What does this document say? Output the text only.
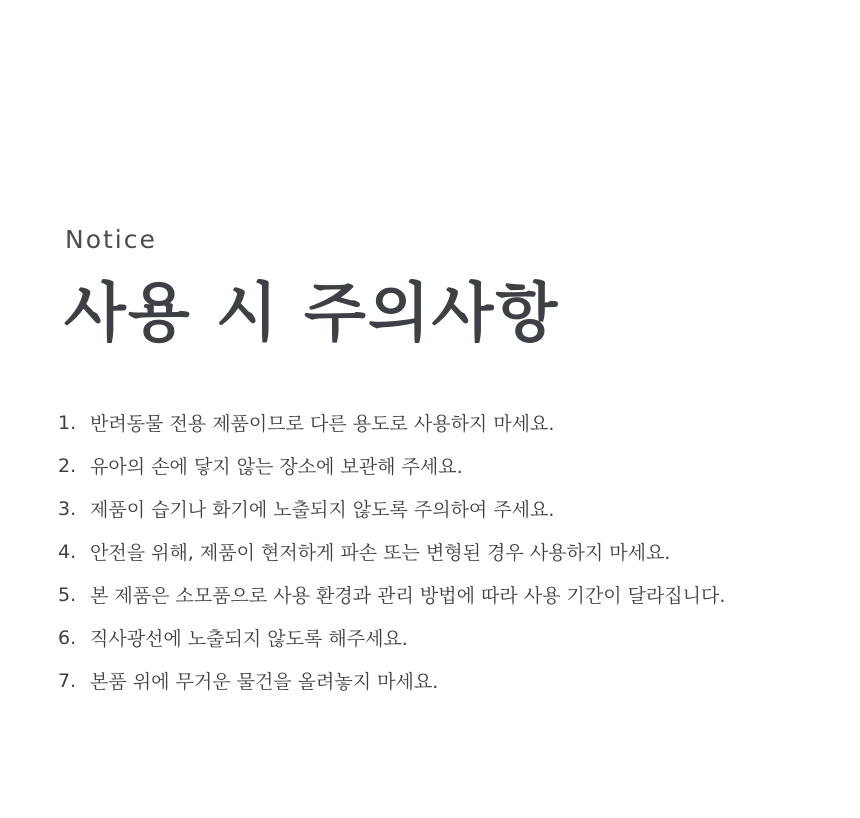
Notice
사용 시 주의사항
1. 반려동물 전용 제품이므로 다른 용도로 사용하지 마세요.
2. 유아의 손에 닿지 않는 장소에 보관해 주세요.
3. 제품이 습기나 화기에 노출되지 않도록 주의하여 주세요.
4. 안전을 위해, 제품이 현저하게 파손 또는 변형된 경우 사용하지 마세요.
5. 본 제품은 소모품으로 사용 환경과 관리 방법에 따라 사용 기간이 달라집니다.
6. 직사광선에 노출되지 않도록 해주세요.
7. 본품 위에 무거운 물건을 올려놓지 마세요.
